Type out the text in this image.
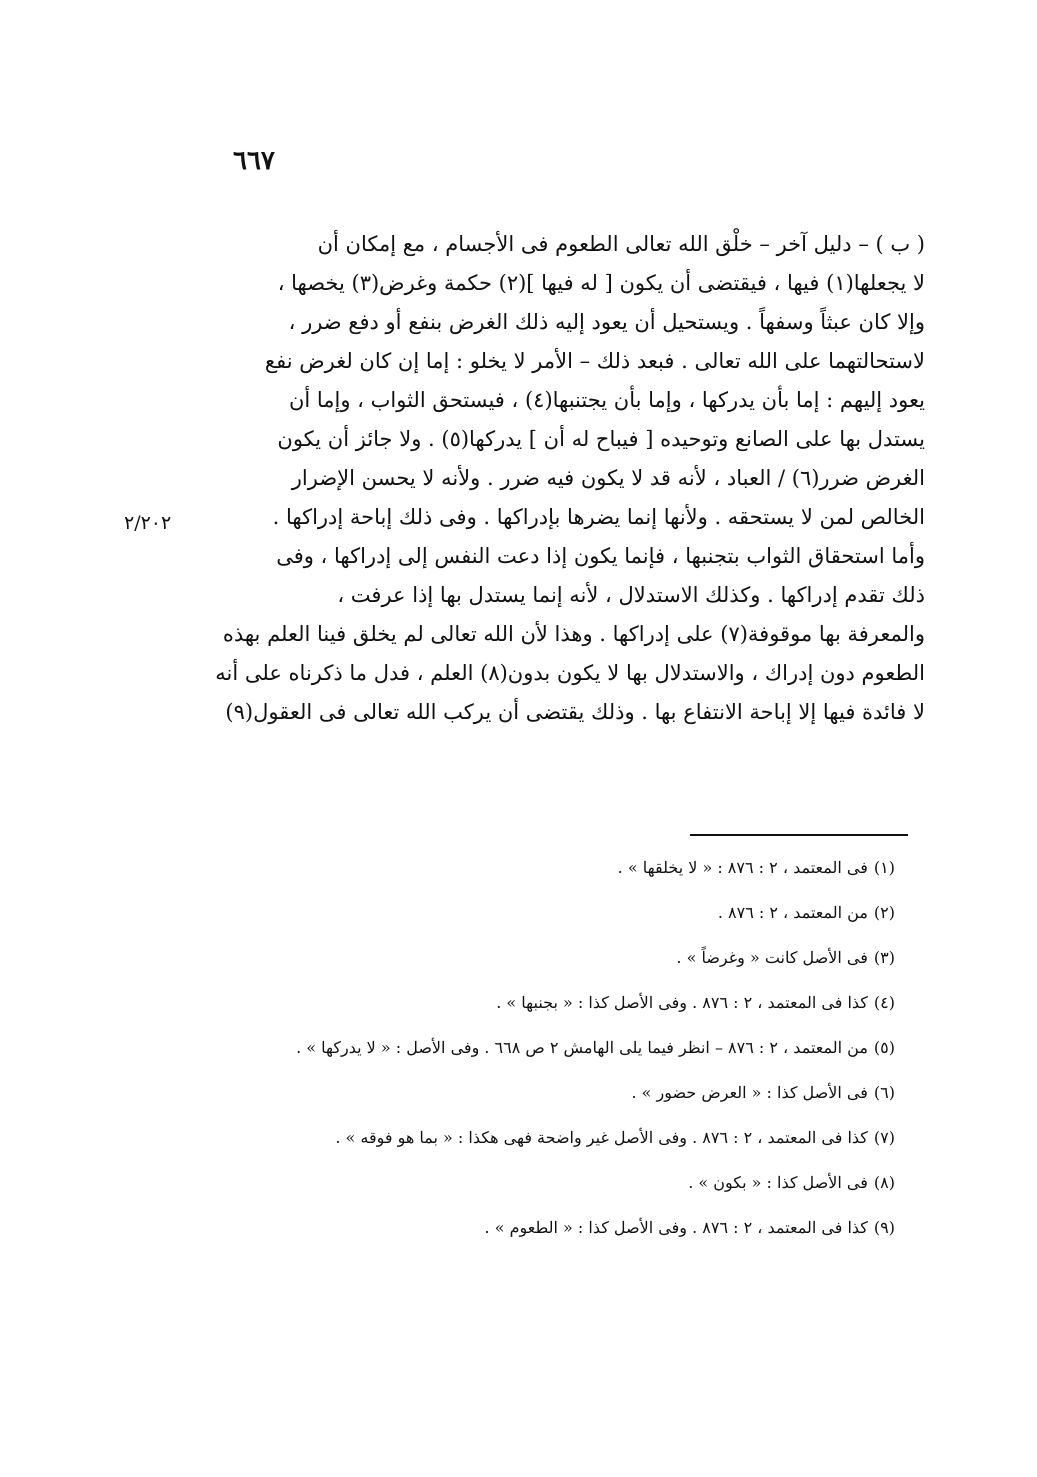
٦٦٧
( ب ) – دليل آخر – خلْق الله تعالى الطعوم فى الأجسام ، مع إمكان أن
لا يجعلها(١) فيها ، فيقتضى أن يكون [ له فيها ](٢) حكمة وغرض(٣) يخصها ،
وإلا كان عبثاً وسفهاً . ويستحيل أن يعود إليه ذلك الغرض بنفع أو دفع ضرر ،
لاستحالتهما على الله تعالى . فبعد ذلك – الأمر لا يخلو : إما إن كان لغرض نفع
يعود إليهم : إما بأن يدركها ، وإما بأن يجتنبها(٤) ، فيستحق الثواب ، وإما أن
يستدل بها على الصانع وتوحيده [ فيباح له أن ] يدركها(٥) . ولا جائز أن يكون
الغرض ضرر(٦) / العباد ، لأنه قد لا يكون فيه ضرر . ولأنه لا يحسن الإضرار
الخالص لمن لا يستحقه . ولأنها إنما يضرها بإدراكها . وفى ذلك إباحة إدراكها .
وأما استحقاق الثواب بتجنبها ، فإنما يكون إذا دعت النفس إلى إدراكها ، وفى
ذلك تقدم إدراكها . وكذلك الاستدلال ، لأنه إنما يستدل بها إذا عرفت ،
والمعرفة بها موقوفة(٧) على إدراكها . وهذا لأن الله تعالى لم يخلق فينا العلم بهذه
الطعوم دون إدراك ، والاستدلال بها لا يكون بدون(٨) العلم ، فدل ما ذكرناه على أنه
لا فائدة فيها إلا إباحة الانتفاع بها . وذلك يقتضى أن يركب الله تعالى فى العقول(٩)
٢/٢٠٢
(١)فى المعتمد ، ٢ : ٨٧٦ : « لا يخلقها » .
(٢)من المعتمد ، ٢ : ٨٧٦ .
(٣)فى الأصل كانت « وغرضاً » .
(٤)كذا فى المعتمد ، ٢ : ٨٧٦ . وفى الأصل كذا : « بجنبها » .
(٥)من المعتمد ، ٢ : ٨٧٦ – انظر فيما يلى الهامش ٢ ص ٦٦٨ . وفى الأصل : « لا يدركها » .
(٦)فى الأصل كذا : « العرض حضور » .
(٧)كذا فى المعتمد ، ٢ : ٨٧٦ . وفى الأصل غير واضحة فهى هكذا : « بما هو فوقه » .
(٨)فى الأصل كذا : « بكون » .
(٩)كذا فى المعتمد ، ٢ : ٨٧٦ . وفى الأصل كذا : « الطعوم » .
